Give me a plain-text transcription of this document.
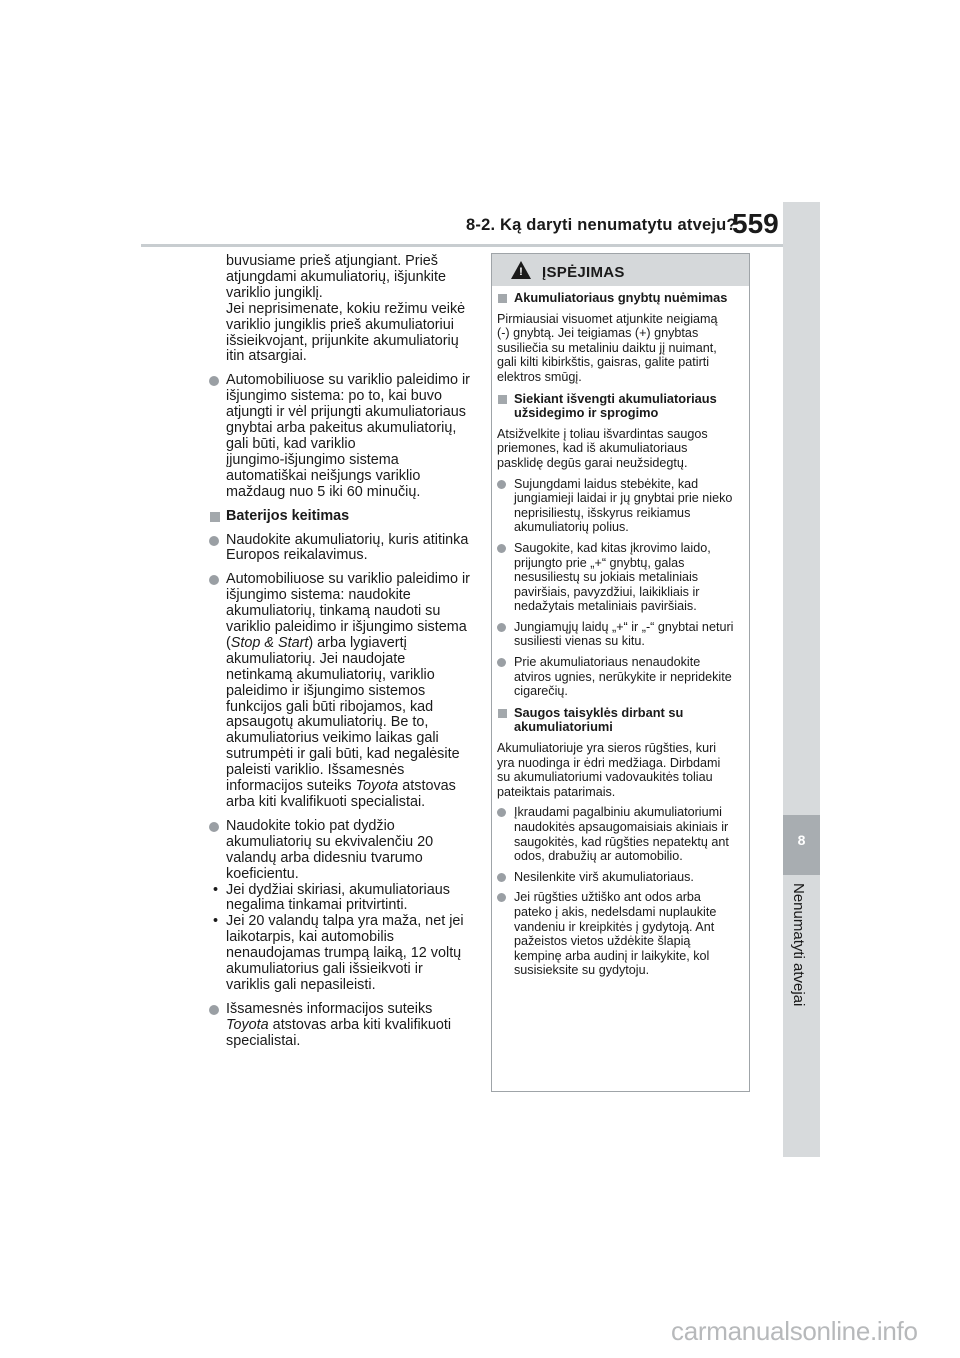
8-2. Ką daryti nenumatytu atveju?
559
8
Nenumatyti atvejai
buvusiame prieš atjungiant. Prieš
atjungdami akumuliatorių, išjunkite
variklio jungiklį.
Jei neprisimenate, kokiu režimu veikė
variklio jungiklis prieš akumuliatoriui
išsieikvojant, prijunkite akumuliatorių
itin atsargiai.
Automobiliuose su variklio paleidimo ir
išjungimo sistema: po to, kai buvo
atjungti ir vėl prijungti akumuliatoriaus
gnybtai arba pakeitus akumuliatorių,
gali būti, kad variklio
įjungimo-išjungimo sistema
automatiškai neišjungs variklio
maždaug nuo 5 iki 60 minučių.
Baterijos keitimas
Naudokite akumuliatorių, kuris atitinka
Europos reikalavimus.
Automobiliuose su variklio paleidimo ir
išjungimo sistema: naudokite
akumuliatorių, tinkamą naudoti su
variklio paleidimo ir išjungimo sistema
(Stop & Start) arba lygiavertį
akumuliatorių. Jei naudojate
netinkamą akumuliatorių, variklio
paleidimo ir išjungimo sistemos
funkcijos gali būti ribojamos, kad
apsaugotų akumuliatorių. Be to,
akumuliatorius veikimo laikas gali
sutrumpėti ir gali būti, kad negalėsite
paleisti variklio. Išsamesnės
informacijos suteiks Toyota atstovas
arba kiti kvalifikuoti specialistai.
Naudokite tokio pat dydžio
akumuliatorių su ekvivalenčiu 20
valandų arba didesniu tvarumo
koeficientu.
• Jei dydžiai skiriasi, akumuliatoriaus
negalima tinkamai pritvirtinti.
• Jei 20 valandų talpa yra maža, net jei
laikotarpis, kai automobilis
nenaudojamas trumpą laiką, 12 voltų
akumuliatorius gali išsieikvoti ir
variklis gali nepasileisti.
Išsamesnės informacijos suteiks
Toyota atstovas arba kiti kvalifikuoti
specialistai.
!	ĮSPĖJIMAS
Akumuliatoriaus gnybtų nuėmimas
Pirmiausiai visuomet atjunkite neigiamą
(-) gnybtą. Jei teigiamas (+) gnybtas
susiliečia su metaliniu daiktu jį nuimant,
gali kilti kibirkštis, gaisras, galite patirti
elektros smūgį.
Siekiant išvengti akumuliatoriaus
užsidegimo ir sprogimo
Atsižvelkite į toliau išvardintas saugos
priemones, kad iš akumuliatoriaus
pasklidę degūs garai neužsidegtų.
Sujungdami laidus stebėkite, kad
jungiamieji laidai ir jų gnybtai prie nieko
neprisiliestų, išskyrus reikiamus
akumuliatorių polius.
Saugokite, kad kitas įkrovimo laido,
prijungto prie „+“ gnybtų, galas
nesusiliestų su jokiais metaliniais
paviršiais, pavyzdžiui, laikikliais ir
nedažytais metaliniais paviršiais.
Jungiamųjų laidų „+“ ir „-“ gnybtai neturi
susiliesti vienas su kitu.
Prie akumuliatoriaus nenaudokite
atviros ugnies, nerūkykite ir nepridekite
cigarečių.
Saugos taisyklės dirbant su
akumuliatoriumi
Akumuliatoriuje yra sieros rūgšties, kuri
yra nuodinga ir ėdri medžiaga. Dirbdami
su akumuliatoriumi vadovaukitės toliau
pateiktais patarimais.
Įkraudami pagalbiniu akumuliatoriumi
naudokitės apsaugomaisiais akiniais ir
saugokitės, kad rūgšties nepatektų ant
odos, drabužių ar automobilio.
Nesilenkite virš akumuliatoriaus.
Jei rūgšties užtiško ant odos arba
pateko į akis, nedelsdami nuplaukite
vandeniu ir kreipkitės į gydytoją. Ant
pažeistos vietos uždėkite šlapią
kempinę arba audinį ir laikykite, kol
susisieksite su gydytoju.
carmanualsonline.info
